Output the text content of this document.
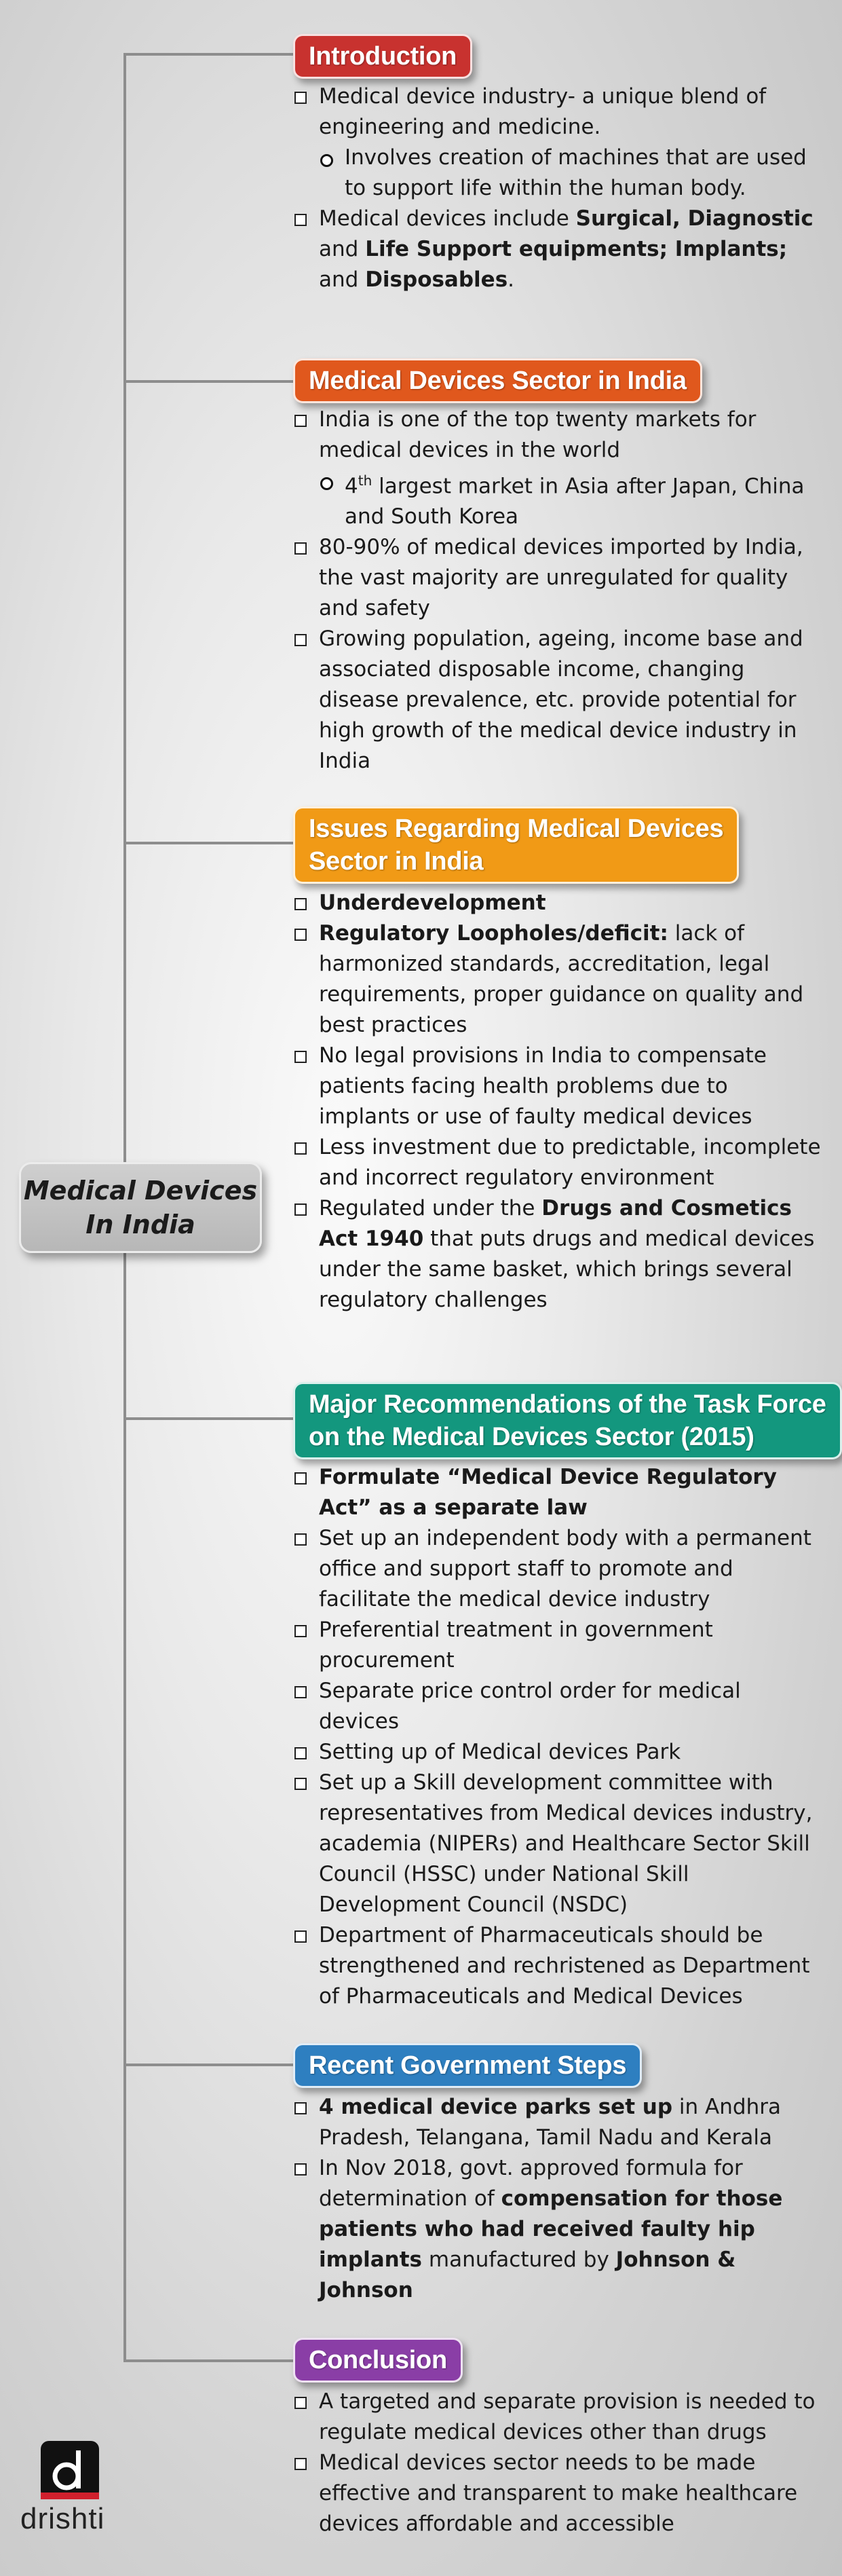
Medical Devices
In India
Introduction
Medical device industry- a unique blend of engineering and medicine.
Involves creation of machines that are used to support life within the human body.
Medical devices include Surgical, Diagnostic and Life Support equipments; Implants; and Disposables.
Medical Devices Sector in India
India is one of the top twenty markets for medical devices in the world
4th largest market in Asia after Japan, China and South Korea
80-90% of medical devices imported by India, the vast majority are unregulated for quality and safety
Growing population, ageing, income base and associated disposable income, changing disease prevalence, etc. provide potential for high growth of the medical device industry in India
Issues Regarding Medical Devices
Sector in India
Underdevelopment
Regulatory Loopholes/deficit: lack of harmonized standards, accreditation, legal requirements, proper guidance on quality and best practices
No legal provisions in India to compensate patients facing health problems due to implants or use of faulty medical devices
Less investment due to predictable, incomplete and incorrect regulatory environment
Regulated under the Drugs and Cosmetics Act 1940 that puts drugs and medical devices under the same basket, which brings several regulatory challenges
Major Recommendations of the Task Force
on the Medical Devices Sector (2015)
Formulate “Medical Device Regulatory Act” as a separate law
Set up an independent body with a permanent office and support staff to promote and facilitate the medical device industry
Preferential treatment in government procurement
Separate price control order for medical devices
Setting up of Medical devices Park
Set up a Skill development committee with representatives from Medical devices industry, academia (NIPERs) and Healthcare Sector Skill Council (HSSC) under National Skill Development Council (NSDC)
Department of Pharmaceuticals should be strengthened and rechristened as Department of Pharmaceuticals and Medical Devices
Recent Government Steps
4 medical device parks set up in Andhra Pradesh, Telangana, Tamil Nadu and Kerala
In Nov 2018, govt. approved formula for determination of compensation for those patients who had received faulty hip implants manufactured by Johnson & Johnson
Conclusion
A targeted and separate provision is needed to regulate medical devices other than drugs
Medical devices sector needs to be made effective and transparent to make healthcare devices affordable and accessible
drishti
